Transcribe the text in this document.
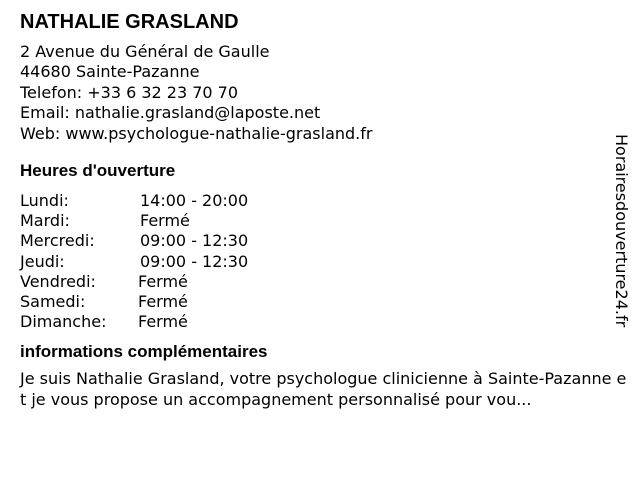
NATHALIE GRASLAND
2 Avenue du Général de Gaulle
44680 Sainte-Pazanne
Telefon: +33 6 32 23 70 70
Email: nathalie.grasland@laposte.net
Web: www.psychologue-nathalie-grasland.fr
Heures d'ouverture
Lundi:	14:00 - 20:00
Mardi:	Fermé
Mercredi:	09:00 - 12:30
Jeudi:	09:00 - 12:30
Vendredi:	Fermé
Samedi:	Fermé
Dimanche: Fermé
informations complémentaires
Je suis Nathalie Grasland, votre psychologue clinicienne à Sainte-Pazanne et je vous propose un accompagnement personnalisé pour vou...
Horairesdouverture24.fr
